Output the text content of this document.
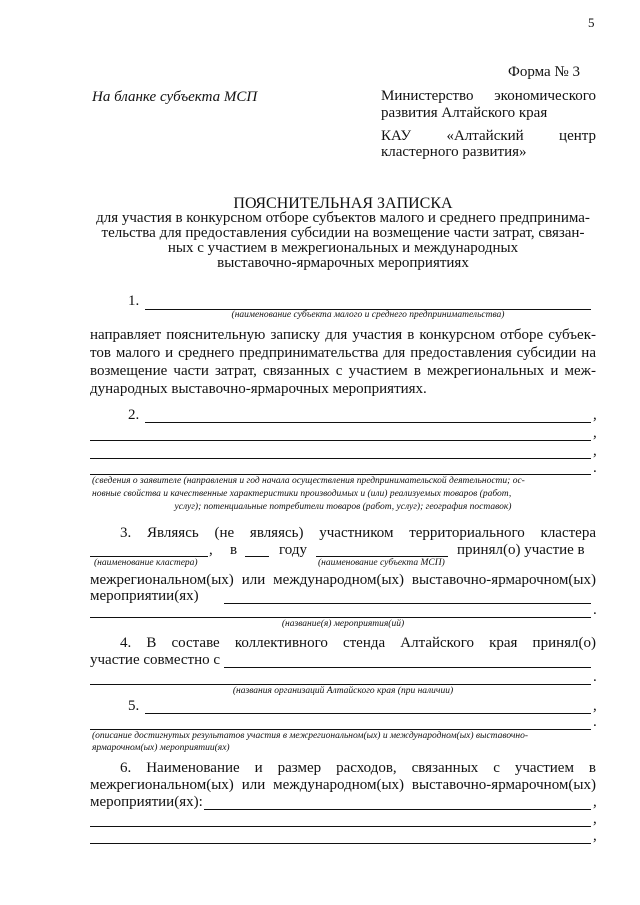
5
Форма № 3
На бланке субъекта МСП	Министерство экономического
развития Алтайского края
КАУ «Алтайский центр
кластерного развития»
ПОЯСНИТЕЛЬНАЯ ЗАПИСКА
для участия в конкурсном отборе субъектов малого и среднего предпринима-
тельства для предоставления субсидии на возмещение части затрат, связан-
ных с участием в межрегиональных и международных
выставочно-ярмарочных мероприятиях
1.
(наименование субъекта малого и среднего предпринимательства)
направляет пояснительную записку для участия в конкурсном отборе субъек-
тов малого и среднего предпринимательства для предоставления субсидии на
возмещение части затрат, связанных с участием в межрегиональных и меж-
дународных выставочно-ярмарочных мероприятиях.
2.	,
,
,
.
(сведения о заявителе (направления и год начала осуществления предпринимательской деятельности; ос-
новные свойства и качественные характеристики производимых и (или) реализуемых товаров (работ,
услуг); потенциальные потребители товаров (работ, услуг); география поставок)
3. Являясь (не являясь) участником территориального кластера
, в	году	принял(о) участие в
(наименование кластера)	(наименование субъекта МСП)
межрегиональном(ых) или международном(ых) выставочно-ярмарочном(ых)
мероприятии(ях)
.
(название(я) мероприятия(ий)
4. В составе коллективного стенда Алтайского края принял(о)
участие совместно с
.
(названия организаций Алтайского края (при наличии)
5.	,
.
(описание достигнутых результатов участия в межрегиональном(ых) и международном(ых) выставочно-
ярмарочном(ых) мероприятии(ях)
6. Наименование и размер расходов, связанных с участием в
межрегиональном(ых) или международном(ых) выставочно-ярмарочном(ых)
мероприятии(ях):	,
,
,
